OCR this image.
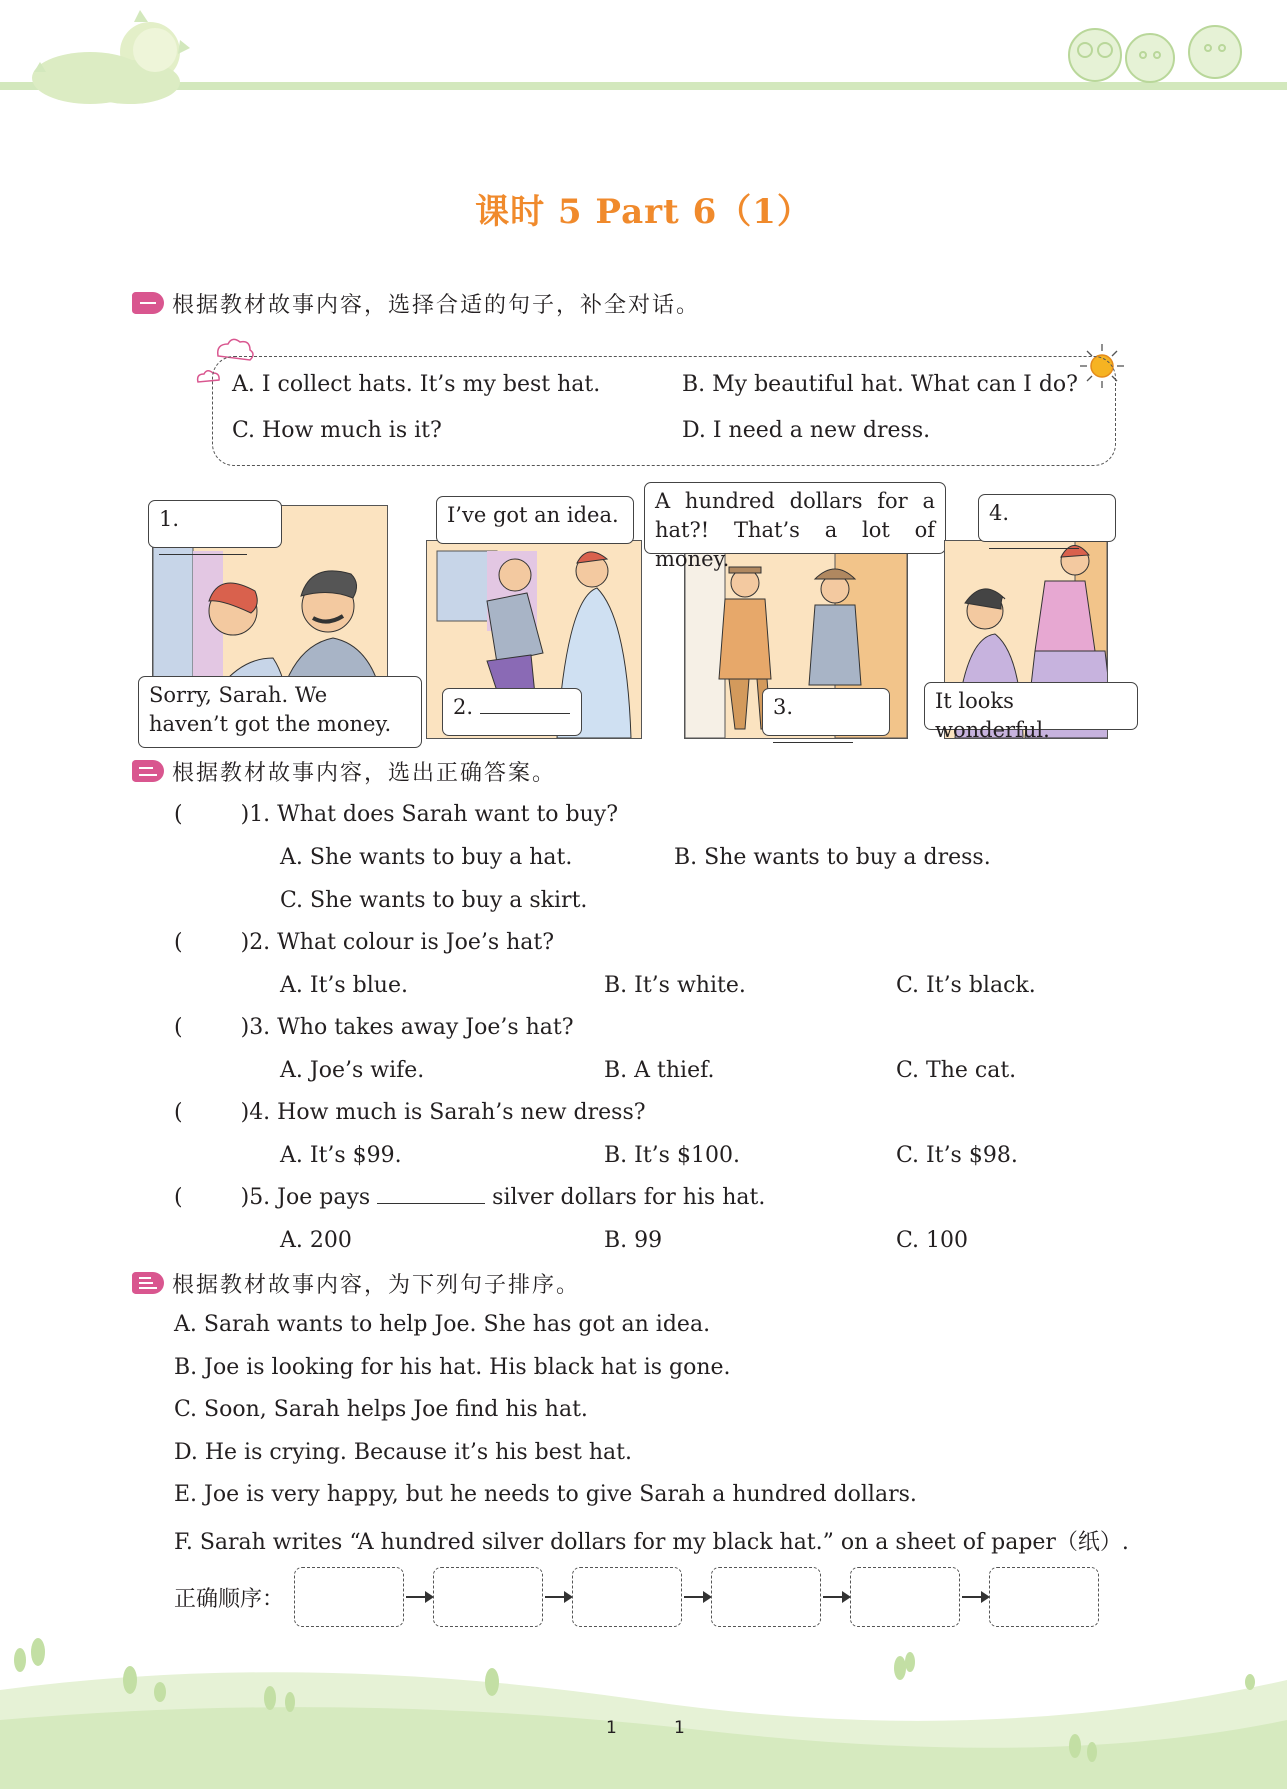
课时 5 Part 6（1）
根据教材故事内容，选择合适的句子，补全对话。
A. I collect hats. It’s my best hat.	B. My beautiful hat. What can I do?
C. How much is it?	D. I need a new dress.
1.
Sorry, Sarah. We haven’t got the money.
I’ve got an idea.
2.
A hundred dollars for a hat?! That’s a lot of money.
3.
4.
It looks wonderful.
根据教材故事内容，选出正确答案。
(	)1. What does Sarah want to buy?
A. She wants to buy a hat.	B. She wants to buy a dress.
C. She wants to buy a skirt.
(	)2. What colour is Joe’s hat?
A. It’s blue.	B. It’s white.	C. It’s black.
(	)3. Who takes away Joe’s hat?
A. Joe’s wife.	B. A thief.	C. The cat.
(	)4. How much is Sarah’s new dress?
A. It’s $99.	B. It’s $100.	C. It’s $98.
(	)5. Joe pays	silver dollars for his hat.
A. 200	B. 99	C. 100
根据教材故事内容，为下列句子排序。
A. Sarah wants to help Joe. She has got an idea.
B. Joe is looking for his hat. His black hat is gone.
C. Soon, Sarah helps Joe find his hat.
D. He is crying. Because it’s his best hat.
E. Joe is very happy, but he needs to give Sarah a hundred dollars.
F. Sarah writes “A hundred silver dollars for my black hat.” on a sheet of paper（纸）.
正确顺序：
1	1
